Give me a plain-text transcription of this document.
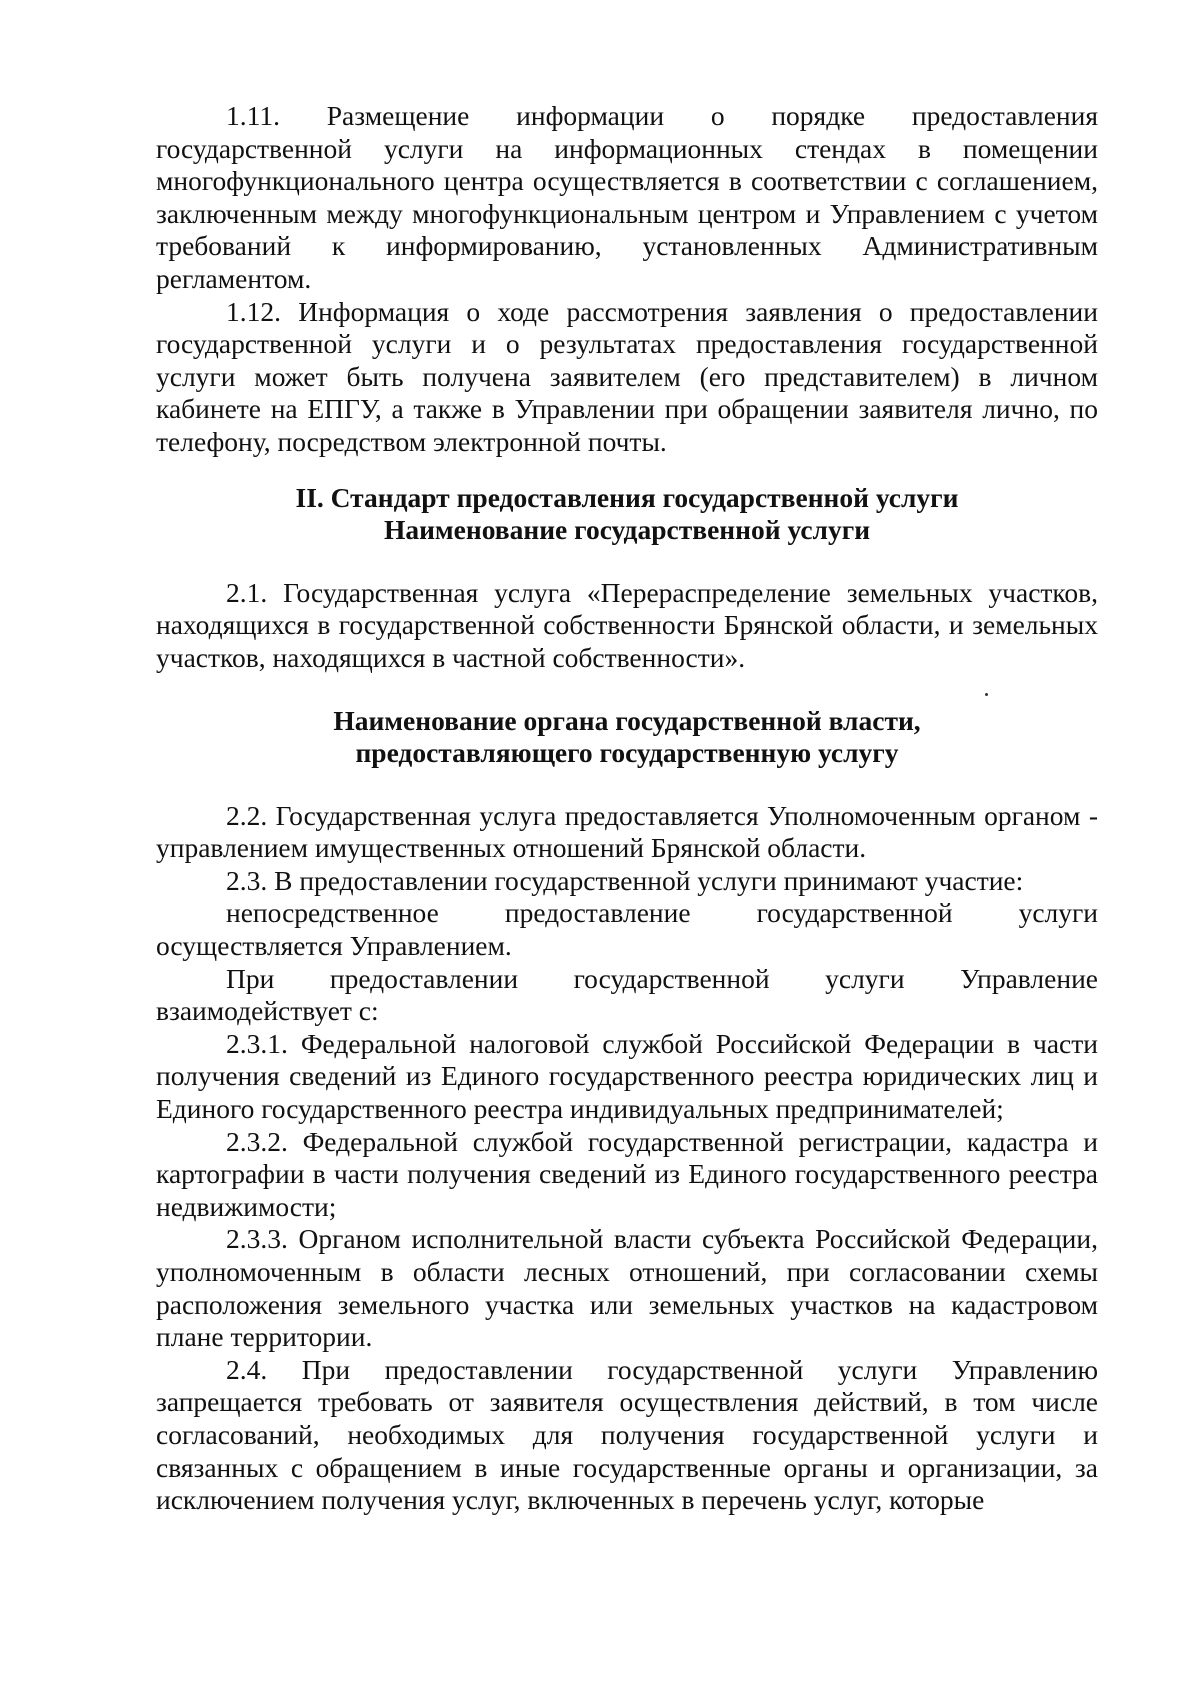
1.11. Размещение информации о порядке предоставления государственной услуги на информационных стендах в помещении многофункционального центра осуществляется в соответствии с соглашением, заключенным между многофункциональным центром и Управлением с учетом требований к информированию, установленных Административным регламентом.

1.12. Информация о ходе рассмотрения заявления о предоставлении государственной услуги и о результатах предоставления государственной услуги может быть получена заявителем (его представителем) в личном кабинете на ЕПГУ, а также в Управлении при обращении заявителя лично, по телефону, посредством электронной почты.

II. Стандарт предоставления государственной услуги
Наименование государственной услуги

2.1. Государственная услуга «Перераспределение земельных участков, находящихся в государственной собственности Брянской области, и земельных участков, находящихся в частной собственности».

Наименование органа государственной власти,
предоставляющего государственную услугу

2.2. Государственная услуга предоставляется Уполномоченным органом - управлением имущественных отношений Брянской области.

2.3. В предоставлении государственной услуги принимают участие:

непосредственное предоставление государственной услуги осуществляется Управлением.

При предоставлении государственной услуги Управление взаимодействует с:

2.3.1. Федеральной налоговой службой Российской Федерации в части получения сведений из Единого государственного реестра юридических лиц и Единого государственного реестра индивидуальных предпринимателей;

2.3.2. Федеральной службой государственной регистрации, кадастра и картографии в части получения сведений из Единого государственного реестра недвижимости;

2.3.3. Органом исполнительной власти субъекта Российской Федерации, уполномоченным в области лесных отношений, при согласовании схемы расположения земельного участка или земельных участков на кадастровом плане территории.

2.4. При предоставлении государственной услуги Управлению запрещается требовать от заявителя осуществления действий, в том числе согласований, необходимых для получения государственной услуги и связанных с обращением в иные государственные органы и организации, за исключением получения услуг, включенных в перечень услуг, которые
